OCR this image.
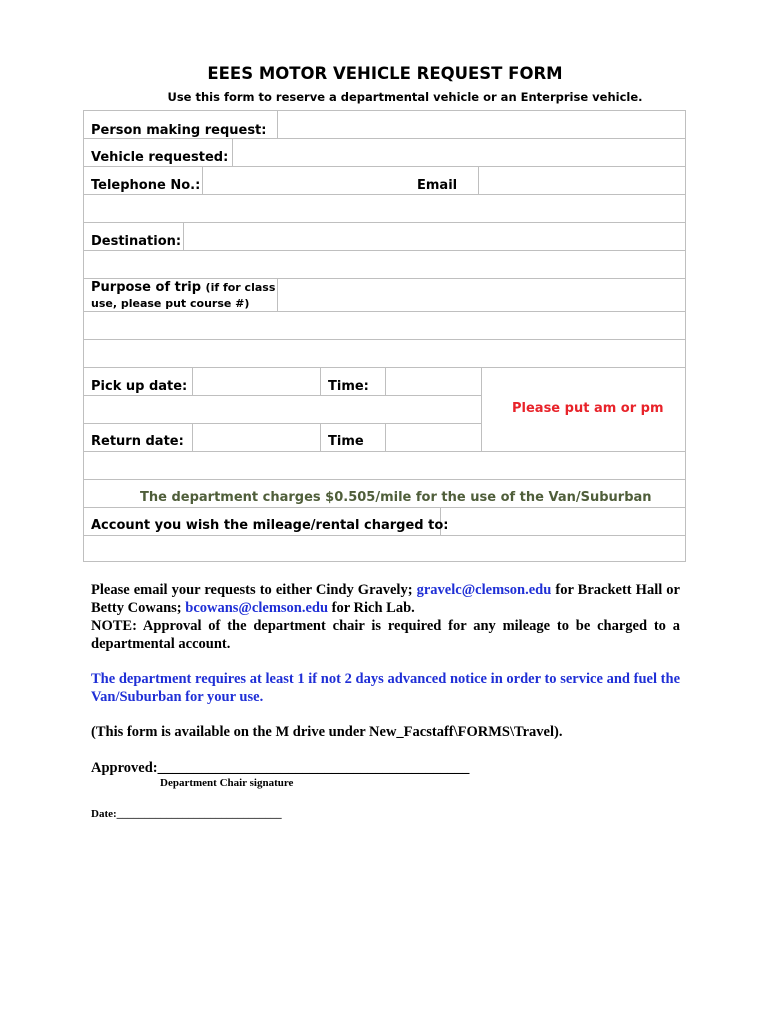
EEES MOTOR VEHICLE REQUEST FORM
Use this form to reserve a departmental vehicle or an Enterprise vehicle.
Person making request:
Vehicle requested:
Telephone No.:	Email
Destination:
Purpose of trip (if for class
use, please put course #)
Pick up date:	Time:
Please put am or pm
Return date:	Time
The department charges $0.505/mile for the use of the Van/Suburban
Account you wish the mileage/rental charged to:
Please email your requests to either Cindy Gravely; gravelc@clemson.edu for Brackett Hall or Betty Cowans; bcowans@clemson.edu for Rich Lab.
NOTE: Approval of the department chair is required for any mileage to be charged to a departmental account.
The department requires at least 1 if not 2 days advanced notice in order to service and fuel the Van/Suburban for your use.
(This form is available on the M drive under New_Facstaff\FORMS\Travel).
Approved:___________________________________________
Department Chair signature
Date:______________________________
